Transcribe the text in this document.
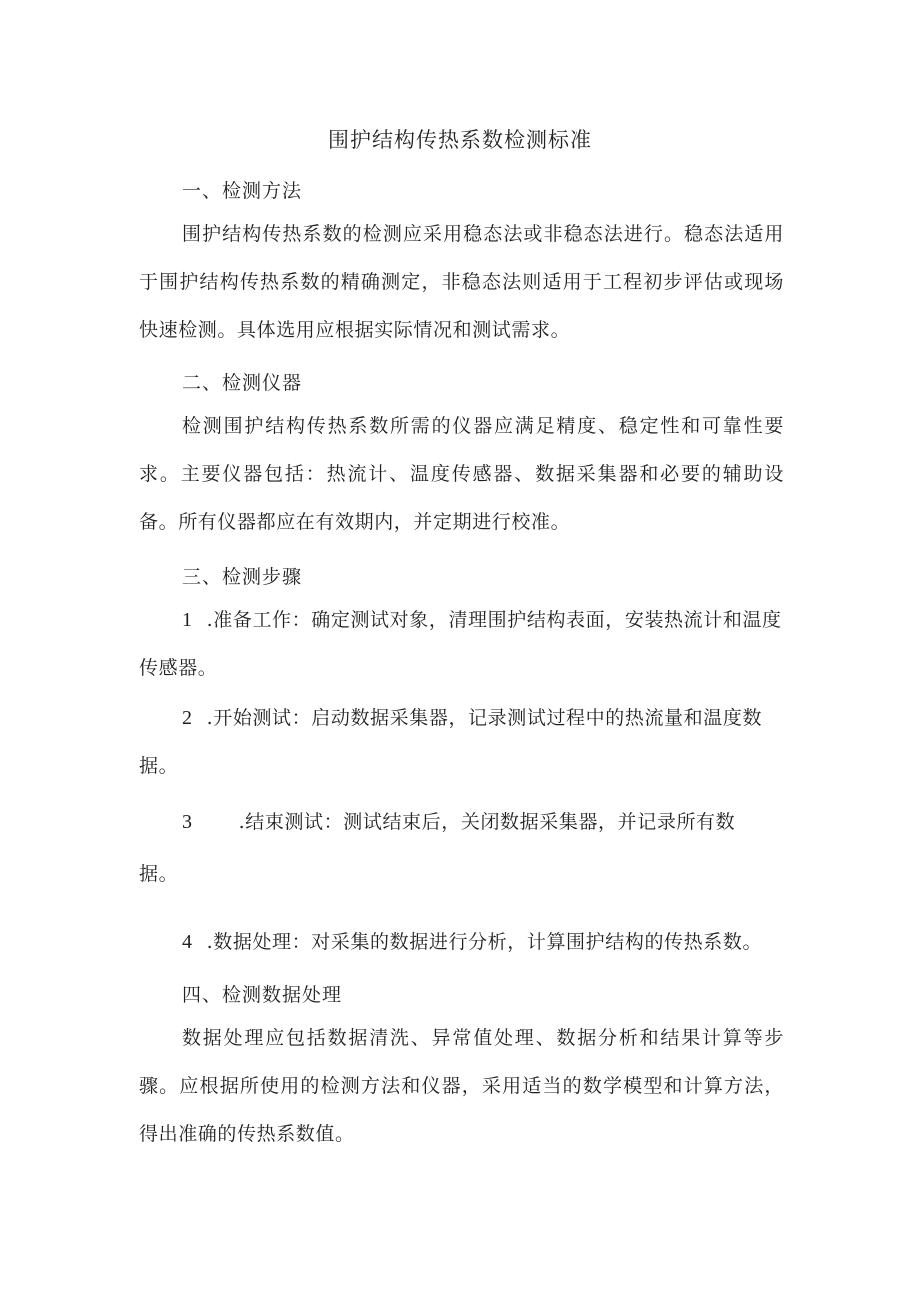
围护结构传热系数检测标准
一、检测方法
围护结构传热系数的检测应采用稳态法或非稳态法进行。稳态法适用于围护结构传热系数的精确测定，非稳态法则适用于工程初步评估或现场快速检测。具体选用应根据实际情况和测试需求。
二、检测仪器
检测围护结构传热系数所需的仪器应满足精度、稳定性和可靠性要求。主要仪器包括：热流计、温度传感器、数据采集器和必要的辅助设备。所有仪器都应在有效期内，并定期进行校准。
三、检测步骤
1 .准备工作：确定测试对象，清理围护结构表面，安装热流计和温度传感器。
2 .开始测试：启动数据采集器，记录测试过程中的热流量和温度数据。
3 .结束测试：测试结束后，关闭数据采集器，并记录所有数
据。
4 .数据处理：对采集的数据进行分析，计算围护结构的传热系数。
四、检测数据处理
数据处理应包括数据清洗、异常值处理、数据分析和结果计算等步骤。应根据所使用的检测方法和仪器，采用适当的数学模型和计算方法，得出准确的传热系数值。
